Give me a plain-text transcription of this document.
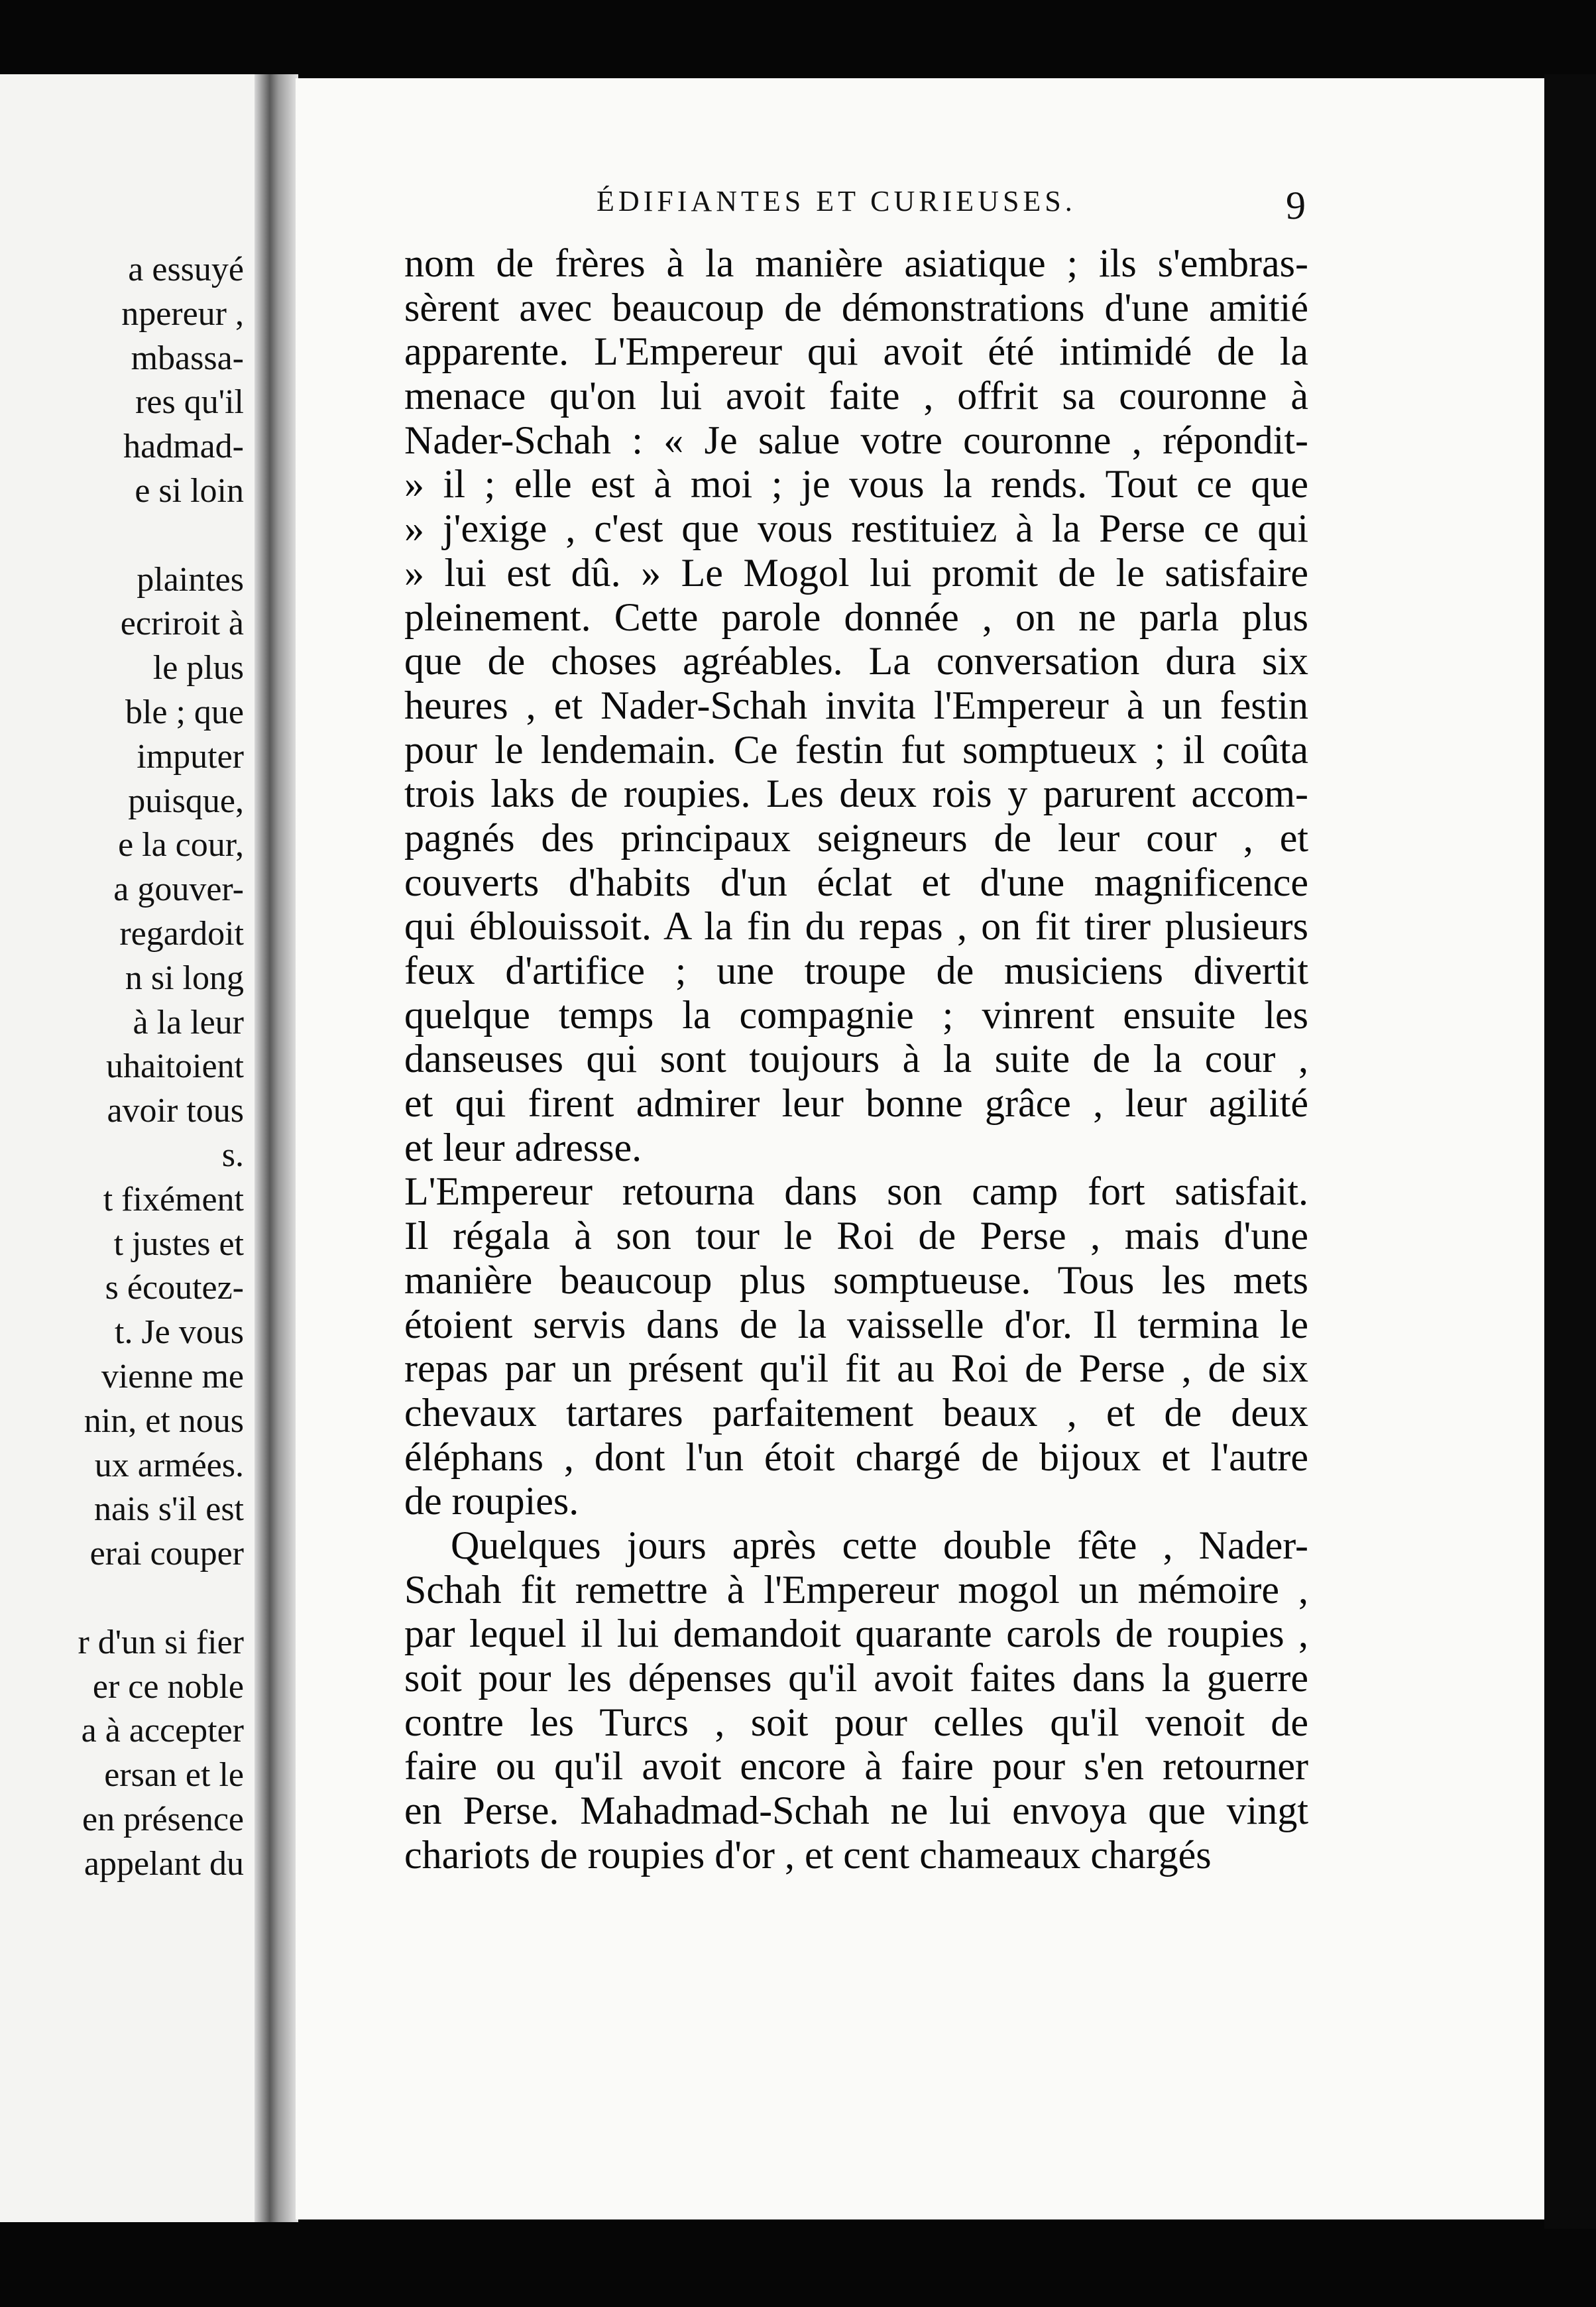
a essuyé
npereur ,
mbassa-
res qu'il
hadmad-
e si loin
plaintes
ecriroit à
le plus
ble ; que
imputer
puisque,
e la cour,
a gouver-
regardoit
n si long
à la leur
uhaitoient
avoir tous
s.
t fixément
t justes et
s écoutez-
t. Je vous
vienne me
nin, et nous
ux armées.
nais s'il est
erai couper
r d'un si fier
er ce noble
a à accepter
ersan et le
en présence
appelant du
ÉDIFIANTES ET CURIEUSES.	9
nom de frères à la manière asiatique ; ils s'embras-
sèrent avec beaucoup de démonstrations d'une amitié
apparente. L'Empereur qui avoit été intimidé de la
menace qu'on lui avoit faite , offrit sa couronne à
Nader-Schah : « Je salue votre couronne , répondit-
» il ; elle est à moi ; je vous la rends. Tout ce que
» j'exige , c'est que vous restituiez à la Perse ce qui
» lui est dû. » Le Mogol lui promit de le satisfaire
pleinement. Cette parole donnée , on ne parla plus
que de choses agréables. La conversation dura six
heures , et Nader-Schah invita l'Empereur à un festin
pour le lendemain. Ce festin fut somptueux ; il coûta
trois laks de roupies. Les deux rois y parurent accom-
pagnés des principaux seigneurs de leur cour , et
couverts d'habits d'un éclat et d'une magnificence
qui éblouissoit. A la fin du repas , on fit tirer plusieurs
feux d'artifice ; une troupe de musiciens divertit
quelque temps la compagnie ; vinrent ensuite les
danseuses qui sont toujours à la suite de la cour ,
et qui firent admirer leur bonne grâce , leur agilité
et leur adresse.
L'Empereur retourna dans son camp fort satisfait.
Il régala à son tour le Roi de Perse , mais d'une
manière beaucoup plus somptueuse. Tous les mets
étoient servis dans de la vaisselle d'or. Il termina le
repas par un présent qu'il fit au Roi de Perse , de six
chevaux tartares parfaitement beaux , et de deux
éléphans , dont l'un étoit chargé de bijoux et l'autre
de roupies.
Quelques jours après cette double fête , Nader-
Schah fit remettre à l'Empereur mogol un mémoire ,
par lequel il lui demandoit quarante carols de roupies ,
soit pour les dépenses qu'il avoit faites dans la guerre
contre les Turcs , soit pour celles qu'il venoit de
faire ou qu'il avoit encore à faire pour s'en retourner
en Perse. Mahadmad-Schah ne lui envoya que vingt
chariots de roupies d'or , et cent chameaux chargés
